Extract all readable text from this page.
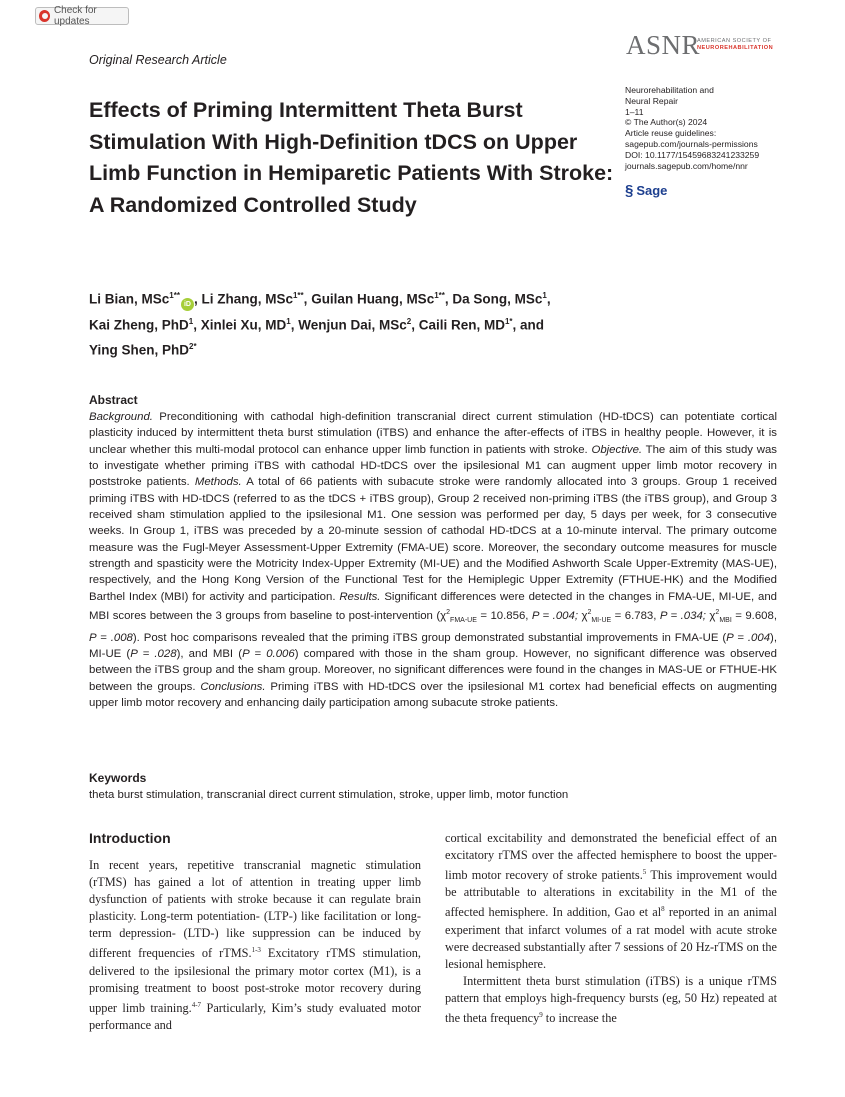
Check for updates
Original Research Article	ASNR
AMERICAN SOCIETY OF
NEUROREHABILITATION
Neurorehabilitation and
Neural Repair
1–11
© The Author(s) 2024
Article reuse guidelines:
sagepub.com/journals-permissions
DOI: 10.1177/15459683241233259
journals.sagepub.com/home/nnr
§ Sage
Effects of Priming Intermittent Theta Burst Stimulation With High-Definition tDCS on Upper Limb Function in Hemiparetic Patients With Stroke: A Randomized Controlled Study
Li Bian, MSc$^{1**}$iD , Li Zhang, MSc$^{1**}$, Guilan Huang, MSc$^{1**}$, Da Song, MSc$^1$,
Kai Zheng, PhD$^1$, Xinlei Xu, $MD^1$, Wenjun Dai, MSc$^2$, Caili Ren, $MD^{1*}$, and
Ying Shen, PhD$^{2*}$
Abstract

Background. Preconditioning with cathodal high-definition transcranial direct current stimulation (HD-tDCS) can potentiate cortical plasticity induced by intermittent theta burst stimulation (iTBS) and enhance the after-effects of iTBS in healthy people. However, it is unclear whether this multi-modal protocol can enhance upper limb function in patients with stroke. Objective. The aim of this study was to investigate whether priming iTBS with cathodal HD-tDCS over the ipsilesional M1 can augment upper limb motor recovery in poststroke patients. Methods. A total of 66 patients with subacute stroke were randomly allocated into 3 groups. Group 1 received priming iTBS with HD-tDCS (referred to as the tDCS + iTBS group), Group 2 received non-priming iTBS (the iTBS group), and Group 3 received sham stimulation applied to the ipsilesional M1. One session was performed per day, 5 days per week, for 3 consecutive weeks. In Group 1, iTBS was preceded by a 20-minute session of cathodal HD-tDCS at a 10-minute interval. The primary outcome measure was the Fugl-Meyer Assessment-Upper Extremity (FMA-UE) score. Moreover, the secondary outcome measures for muscle strength and spasticity were the Motricity Index-Upper Extremity (MI-UE) and the Modified Ashworth Scale Upper-Extremity (MAS-UE), respectively, and the Hong Kong Version of the Functional Test for the Hemiplegic Upper Extremity (FTHUE-HK) and the Modified Barthel Index (MBI) for activity and participation. Results. Significant differences were detected in the changes in FMA-UE, MI-UE, and MBI scores between the 3 groups from baseline to post-intervention ($\chi^2_{FMA-UE} = 10.856$, P = .004; $\chi^2_{MI-UE} = 6.783$, P = .034; $\chi^2_{MBI} = 9.608$, P = .008). Post hoc comparisons revealed that the priming iTBS group demonstrated substantial improvements in FMA-UE (P = .004), MI-UE (P = .028), and MBI (P = 0.006) compared with those in the sham group. However, no significant difference was observed between the iTBS group and the sham group. Moreover, no significant differences were found in the changes in MAS-UE or FTHUE-HK between the groups. Conclusions. Priming iTBS with HD-tDCS over the ipsilesional M1 cortex had beneficial effects on augmenting upper limb motor recovery and enhancing daily participation among subacute stroke patients.

Keywords
theta burst stimulation, transcranial direct current stimulation, stroke, upper limb, motor function
Introduction

In recent years, repetitive transcranial magnetic stimulation (rTMS) has gained a lot of attention in treating upper limb dysfunction of patients with stroke because it can regulate brain plasticity. Long-term potentiation- (LTP-) like facilitation or long-term depression- (LTD-) like suppression can be induced by different frequencies of rTMS.$^{1-3}$ Excitatory rTMS stimulation, delivered to the ipsilesional the primary motor cortex (M1), is a promising treatment to boost post-stroke motor recovery during upper limb training.$^{4-7}$ Particularly, Kim’s study evaluated motor performance and

cortical excitability and demonstrated the beneficial effect of an excitatory rTMS over the affected hemisphere to boost the upper-limb motor recovery of stroke patients.$^5$ This improvement would be attributable to alterations in excitability in the M1 of the affected hemisphere. In addition, Gao et $al^8$ reported in an animal experiment that infarct volumes of a rat model with acute stroke were decreased substantially after 7 sessions of 20 Hz-rTMS on the lesional hemisphere.

Intermittent theta burst stimulation (iTBS) is a unique rTMS pattern that employs high-frequency bursts (eg, 50 Hz) repeated at the theta frequency$^9$ to increase the
